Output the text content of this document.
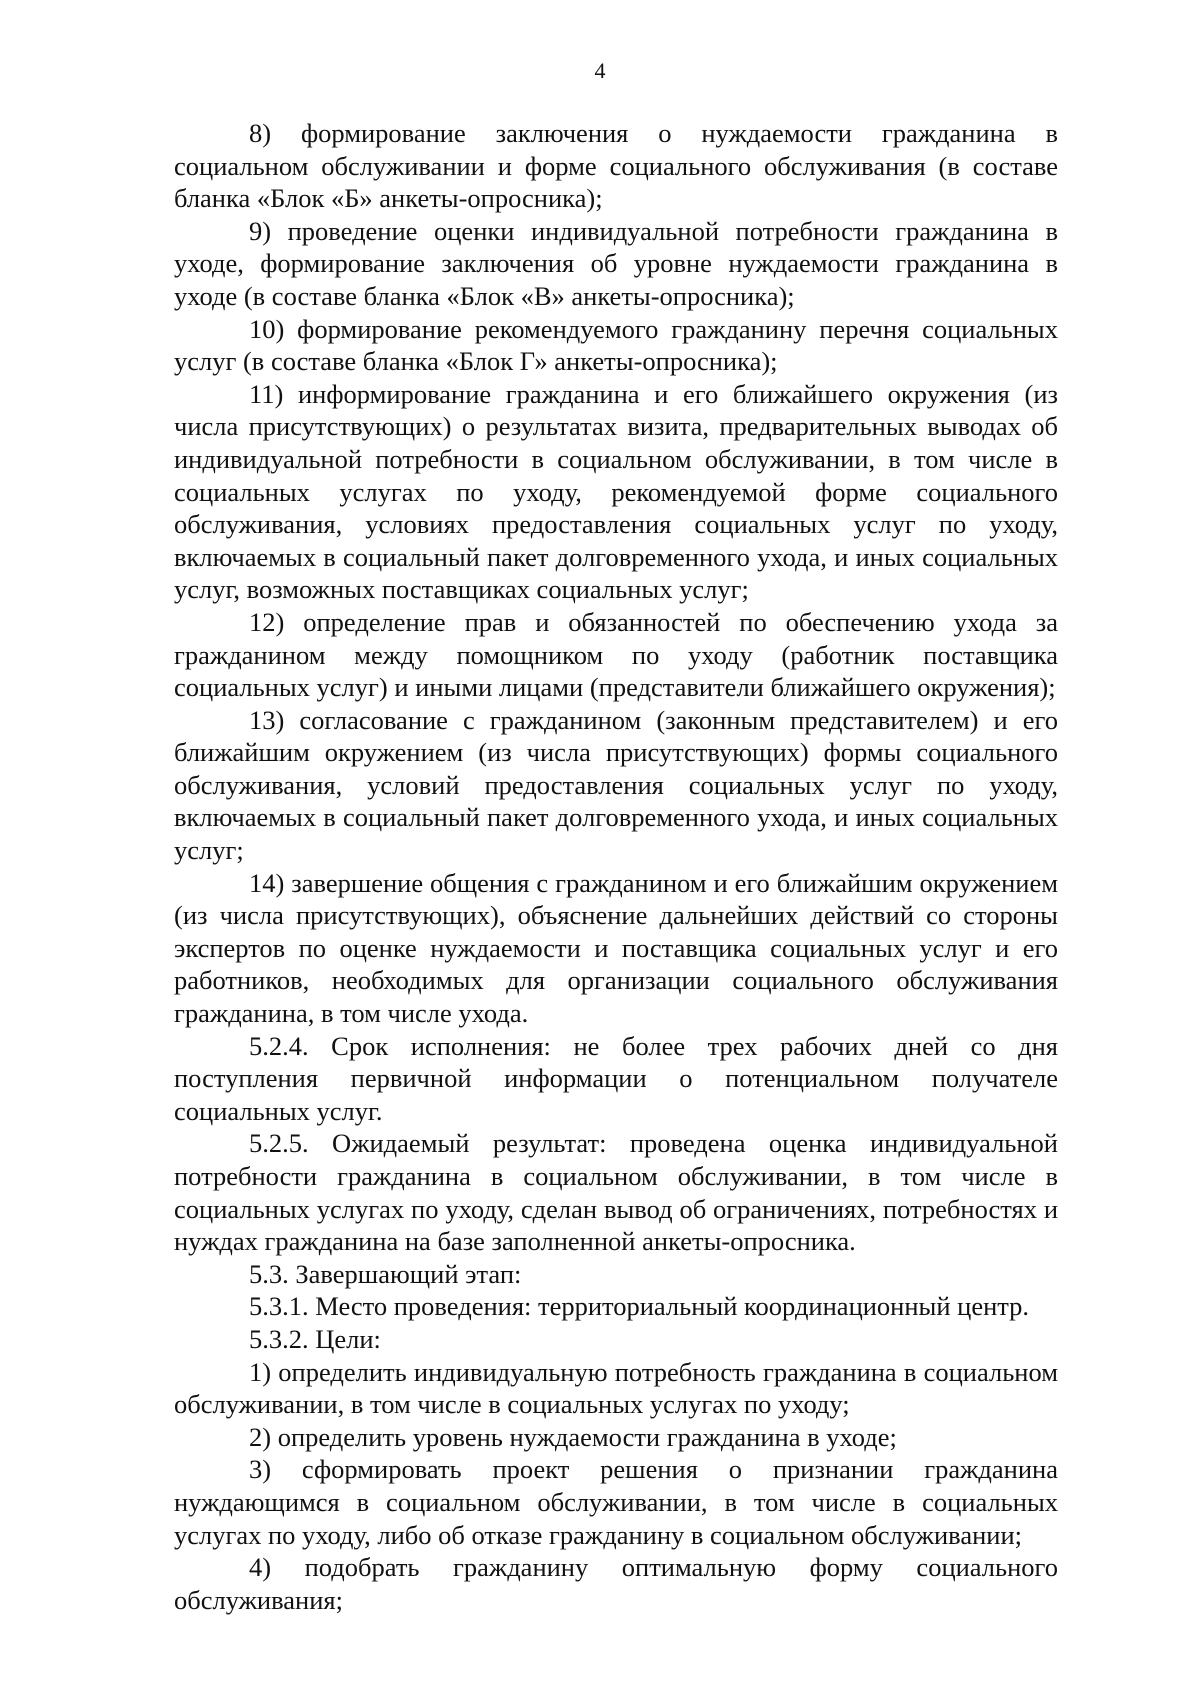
4

8) формирование заключения о нуждаемости гражданина в социальном обслуживании и форме социального обслуживания (в составе бланка «Блок «Б» анкеты-опросника);

9) проведение оценки индивидуальной потребности гражданина в уходе, формирование заключения об уровне нуждаемости гражданина в уходе (в составе бланка «Блок «В» анкеты-опросника);

10) формирование рекомендуемого гражданину перечня социальных услуг (в составе бланка «Блок Г» анкеты-опросника);

11) информирование гражданина и его ближайшего окружения (из числа присутствующих) о результатах визита, предварительных выводах об индивидуальной потребности в социальном обслуживании, в том числе в социальных услугах по уходу, рекомендуемой форме социального обслуживания, условиях предоставления социальных услуг по уходу, включаемых в социальный пакет долговременного ухода, и иных социальных услуг, возможных поставщиках социальных услуг;

12) определение прав и обязанностей по обеспечению ухода за гражданином между помощником по уходу (работник поставщика социальных услуг) и иными лицами (представители ближайшего окружения);

13) согласование с гражданином (законным представителем) и его ближайшим окружением (из числа присутствующих) формы социального обслуживания, условий предоставления социальных услуг по уходу, включаемых в социальный пакет долговременного ухода, и иных социальных услуг;

14) завершение общения с гражданином и его ближайшим окружением (из числа присутствующих), объяснение дальнейших действий со стороны экспертов по оценке нуждаемости и поставщика социальных услуг и его работников, необходимых для организации социального обслуживания гражданина, в том числе ухода.

5.2.4. Срок исполнения: не более трех рабочих дней со дня поступления первичной информации о потенциальном получателе социальных услуг.

5.2.5. Ожидаемый результат: проведена оценка индивидуальной потребности гражданина в социальном обслуживании, в том числе в социальных услугах по уходу, сделан вывод об ограничениях, потребностях и нуждах гражданина на базе заполненной анкеты-опросника.

5.3. Завершающий этап:

5.3.1. Место проведения: территориальный координационный центр.

5.3.2. Цели:

1) определить индивидуальную потребность гражданина в социальном обслуживании, в том числе в социальных услугах по уходу;

2) определить уровень нуждаемости гражданина в уходе;

3) сформировать проект решения о признании гражданина нуждающимся в социальном обслуживании, в том числе в социальных услугах по уходу, либо об отказе гражданину в социальном обслуживании;

4) подобрать гражданину оптимальную форму социального обслуживания;
